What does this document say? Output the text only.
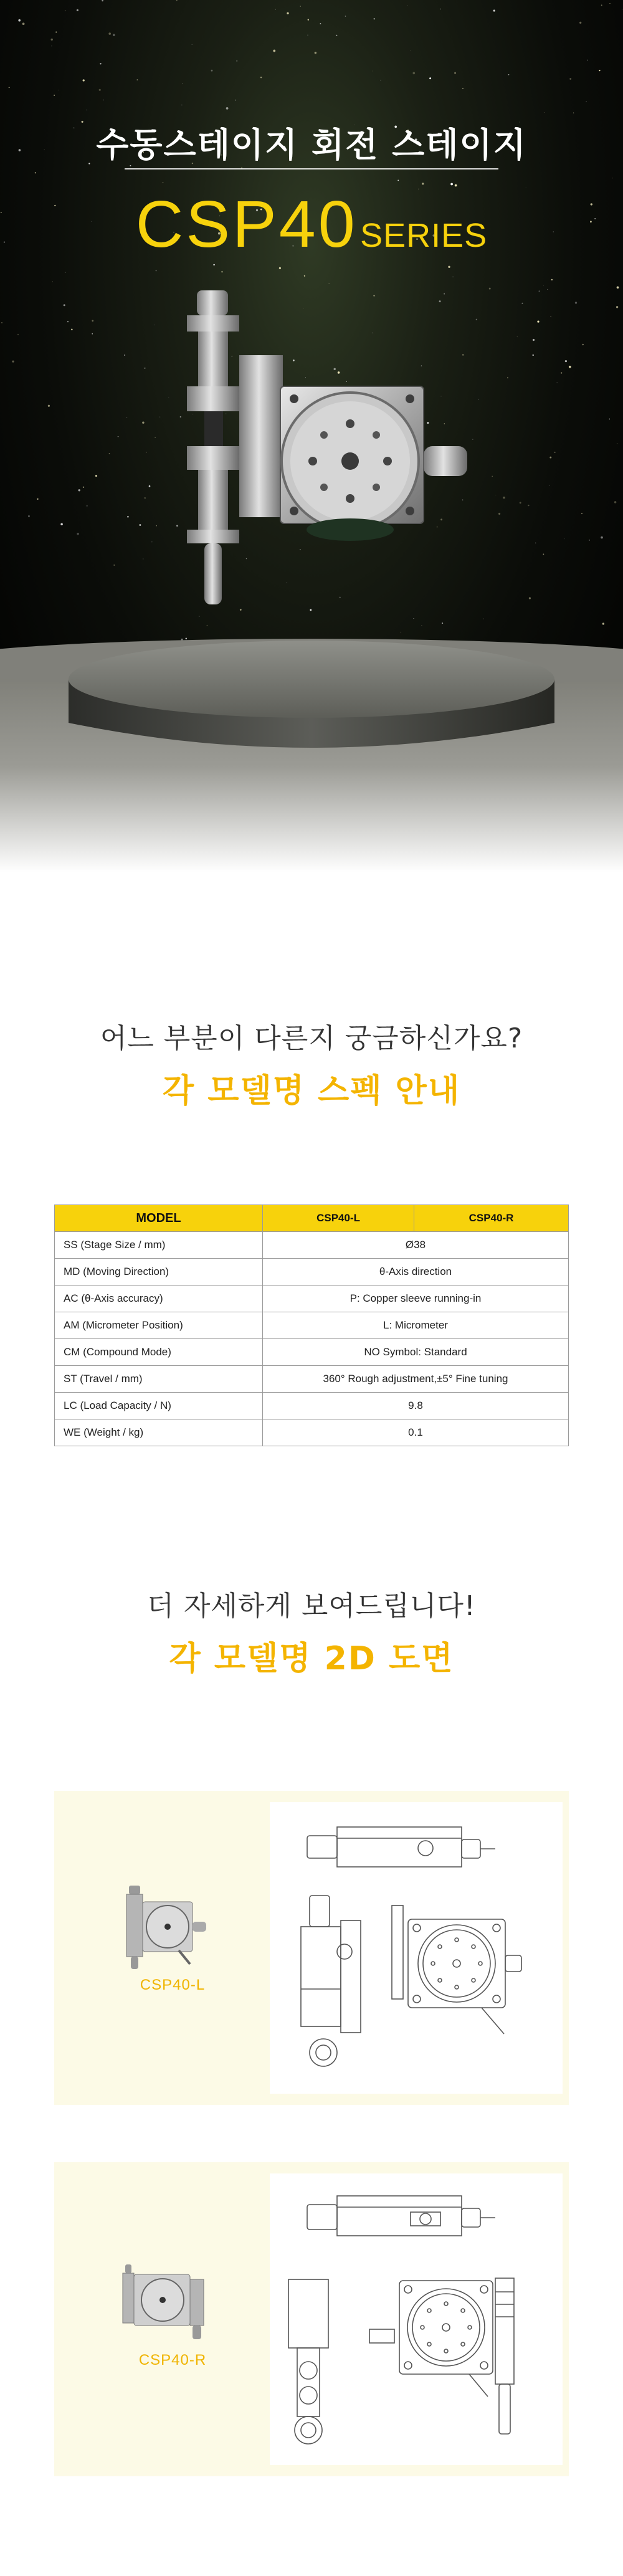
수동스테이지 회전 스테이지
CSP40 SERIES
어느 부분이 다른지 궁금하신가요?
각 모델명 스펙 안내
MODEL	CSP40-L	CSP40-R
SS (Stage Size / mm)	Ø38	
MD (Moving Direction)	θ-Axis direction	
AC (θ-Axis accuracy)	P: Copper sleeve running-in	
AM (Micrometer Position)	L: Micrometer	
CM (Compound Mode)	NO Symbol: Standard	
ST (Travel / mm)	360° Rough adjustment,±5° Fine tuning	
LC (Load Capacity / N)	9.8	
WE (Weight / kg)	0.1	
더 자세하게 보여드립니다!
각 모델명 2D 도면
CSP40-L
CSP40-R
